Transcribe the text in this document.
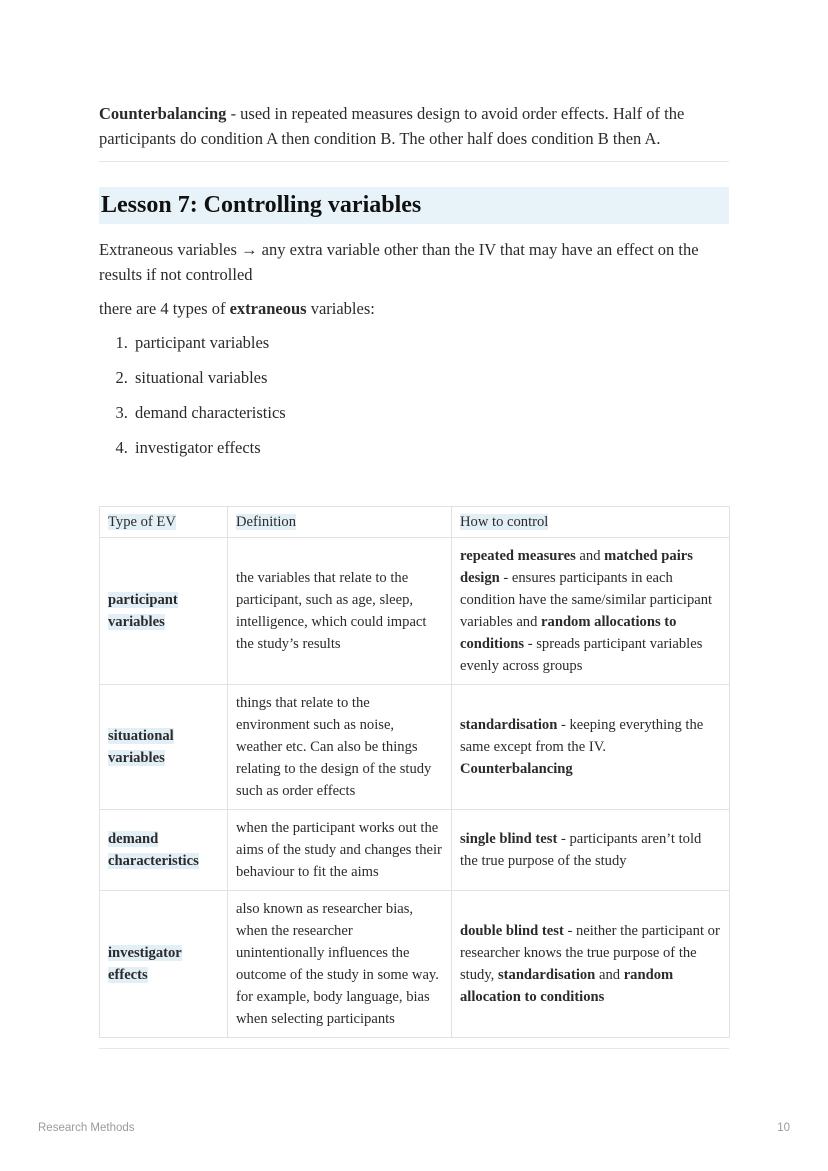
Counterbalancing - used in repeated measures design to avoid order effects. Half of the participants do condition A then condition B. The other half does condition B then A.

Lesson 7: Controlling variables

Extraneous variables → any extra variable other than the IV that may have an effect on the results if not controlled

there are 4 types of extraneous variables:

1. participant variables
2. situational variables
3. demand characteristics
4. investigator effects
Type of EV	Definition	How to control
participant variables	the variables that relate to the participant, such as age, sleep, intelligence, which could impact the study’s results	repeated measures and matched pairs design - ensures participants in each condition have the same/similar participant variables and random allocations to conditions - spreads participant variables evenly across groups
situational variables	things that relate to the environment such as noise, weather etc. Can also be things relating to the design of the study such as order effects	standardisation - keeping everything the same except from the IV.
Counterbalancing
demand characteristics	when the participant works out the aims of the study and changes their behaviour to fit the aims	single blind test - participants aren’t told the true purpose of the study
investigator effects	also known as researcher bias, when the researcher unintentionally influences the outcome of the study in some way. for example, body language, bias when selecting participants	double blind test - neither the participant or researcher knows the true purpose of the study, standardisation and random allocation to conditions
Research Methods	10
